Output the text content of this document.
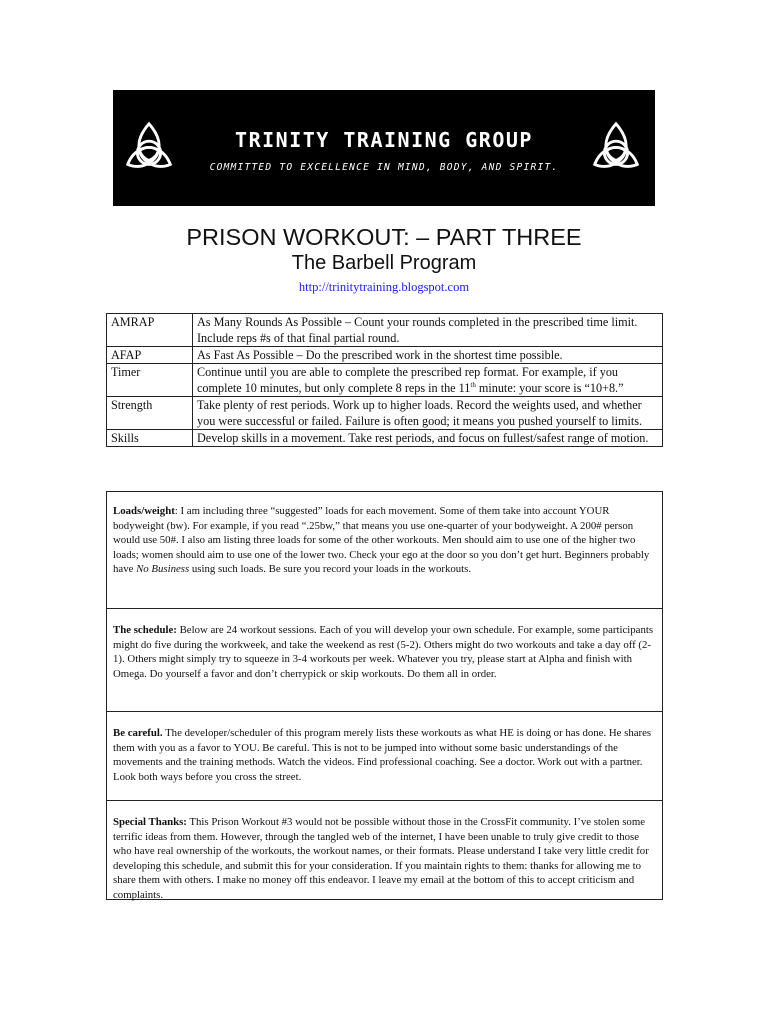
TRINITY TRAINING GROUP
COMMITTED TO EXCELLENCE IN MIND, BODY, AND SPIRIT.
PRISON WORKOUT: – PART THREE
The Barbell Program
http://trinitytraining.blogspot.com
AMRAP	As Many Rounds As Possible – Count your rounds completed in the prescribed time limit. Include reps #s of that final partial round.
AFAP	As Fast As Possible – Do the prescribed work in the shortest time possible.
Timer	Continue until you are able to complete the prescribed rep format. For example, if you complete 10 minutes, but only complete 8 reps in the 11th minute: your score is “10+8.”
Strength	Take plenty of rest periods. Work up to higher loads. Record the weights used, and whether you were successful or failed. Failure is often good; it means you pushed yourself to limits.
Skills	Develop skills in a movement. Take rest periods, and focus on fullest/safest range of motion.

Loads/weight: I am including three “suggested” loads for each movement. Some of them take into account YOUR bodyweight (bw). For example, if you read “.25bw,” that means you use one-quarter of your bodyweight. A 200# person would use 50#. I also am listing three loads for some of the other workouts. Men should aim to use one of the higher two loads; women should aim to use one of the lower two. Check your ego at the door so you don’t get hurt. Beginners probably have No Business using such loads. Be sure you record your loads in the workouts.

The schedule: Below are 24 workout sessions. Each of you will develop your own schedule. For example, some participants might do five during the workweek, and take the weekend as rest (5-2). Others might do two workouts and take a day off (2-1). Others might simply try to squeeze in 3-4 workouts per week. Whatever you try, please start at Alpha and finish with Omega. Do yourself a favor and don’t cherrypick or skip workouts. Do them all in order.

Be careful. The developer/scheduler of this program merely lists these workouts as what HE is doing or has done. He shares them with you as a favor to YOU. Be careful. This is not to be jumped into without some basic understandings of the movements and the training methods. Watch the videos. Find professional coaching. See a doctor. Work out with a partner. Look both ways before you cross the street.

Special Thanks: This Prison Workout #3 would not be possible without those in the CrossFit community. I’ve stolen some terrific ideas from them. However, through the tangled web of the internet, I have been unable to truly give credit to those who have real ownership of the workouts, the workout names, or their formats. Please understand I take very little credit for developing this schedule, and submit this for your consideration. If you maintain rights to them: thanks for allowing me to share them with others. I make no money off this endeavor. I leave my email at the bottom of this to accept criticism and complaints.
